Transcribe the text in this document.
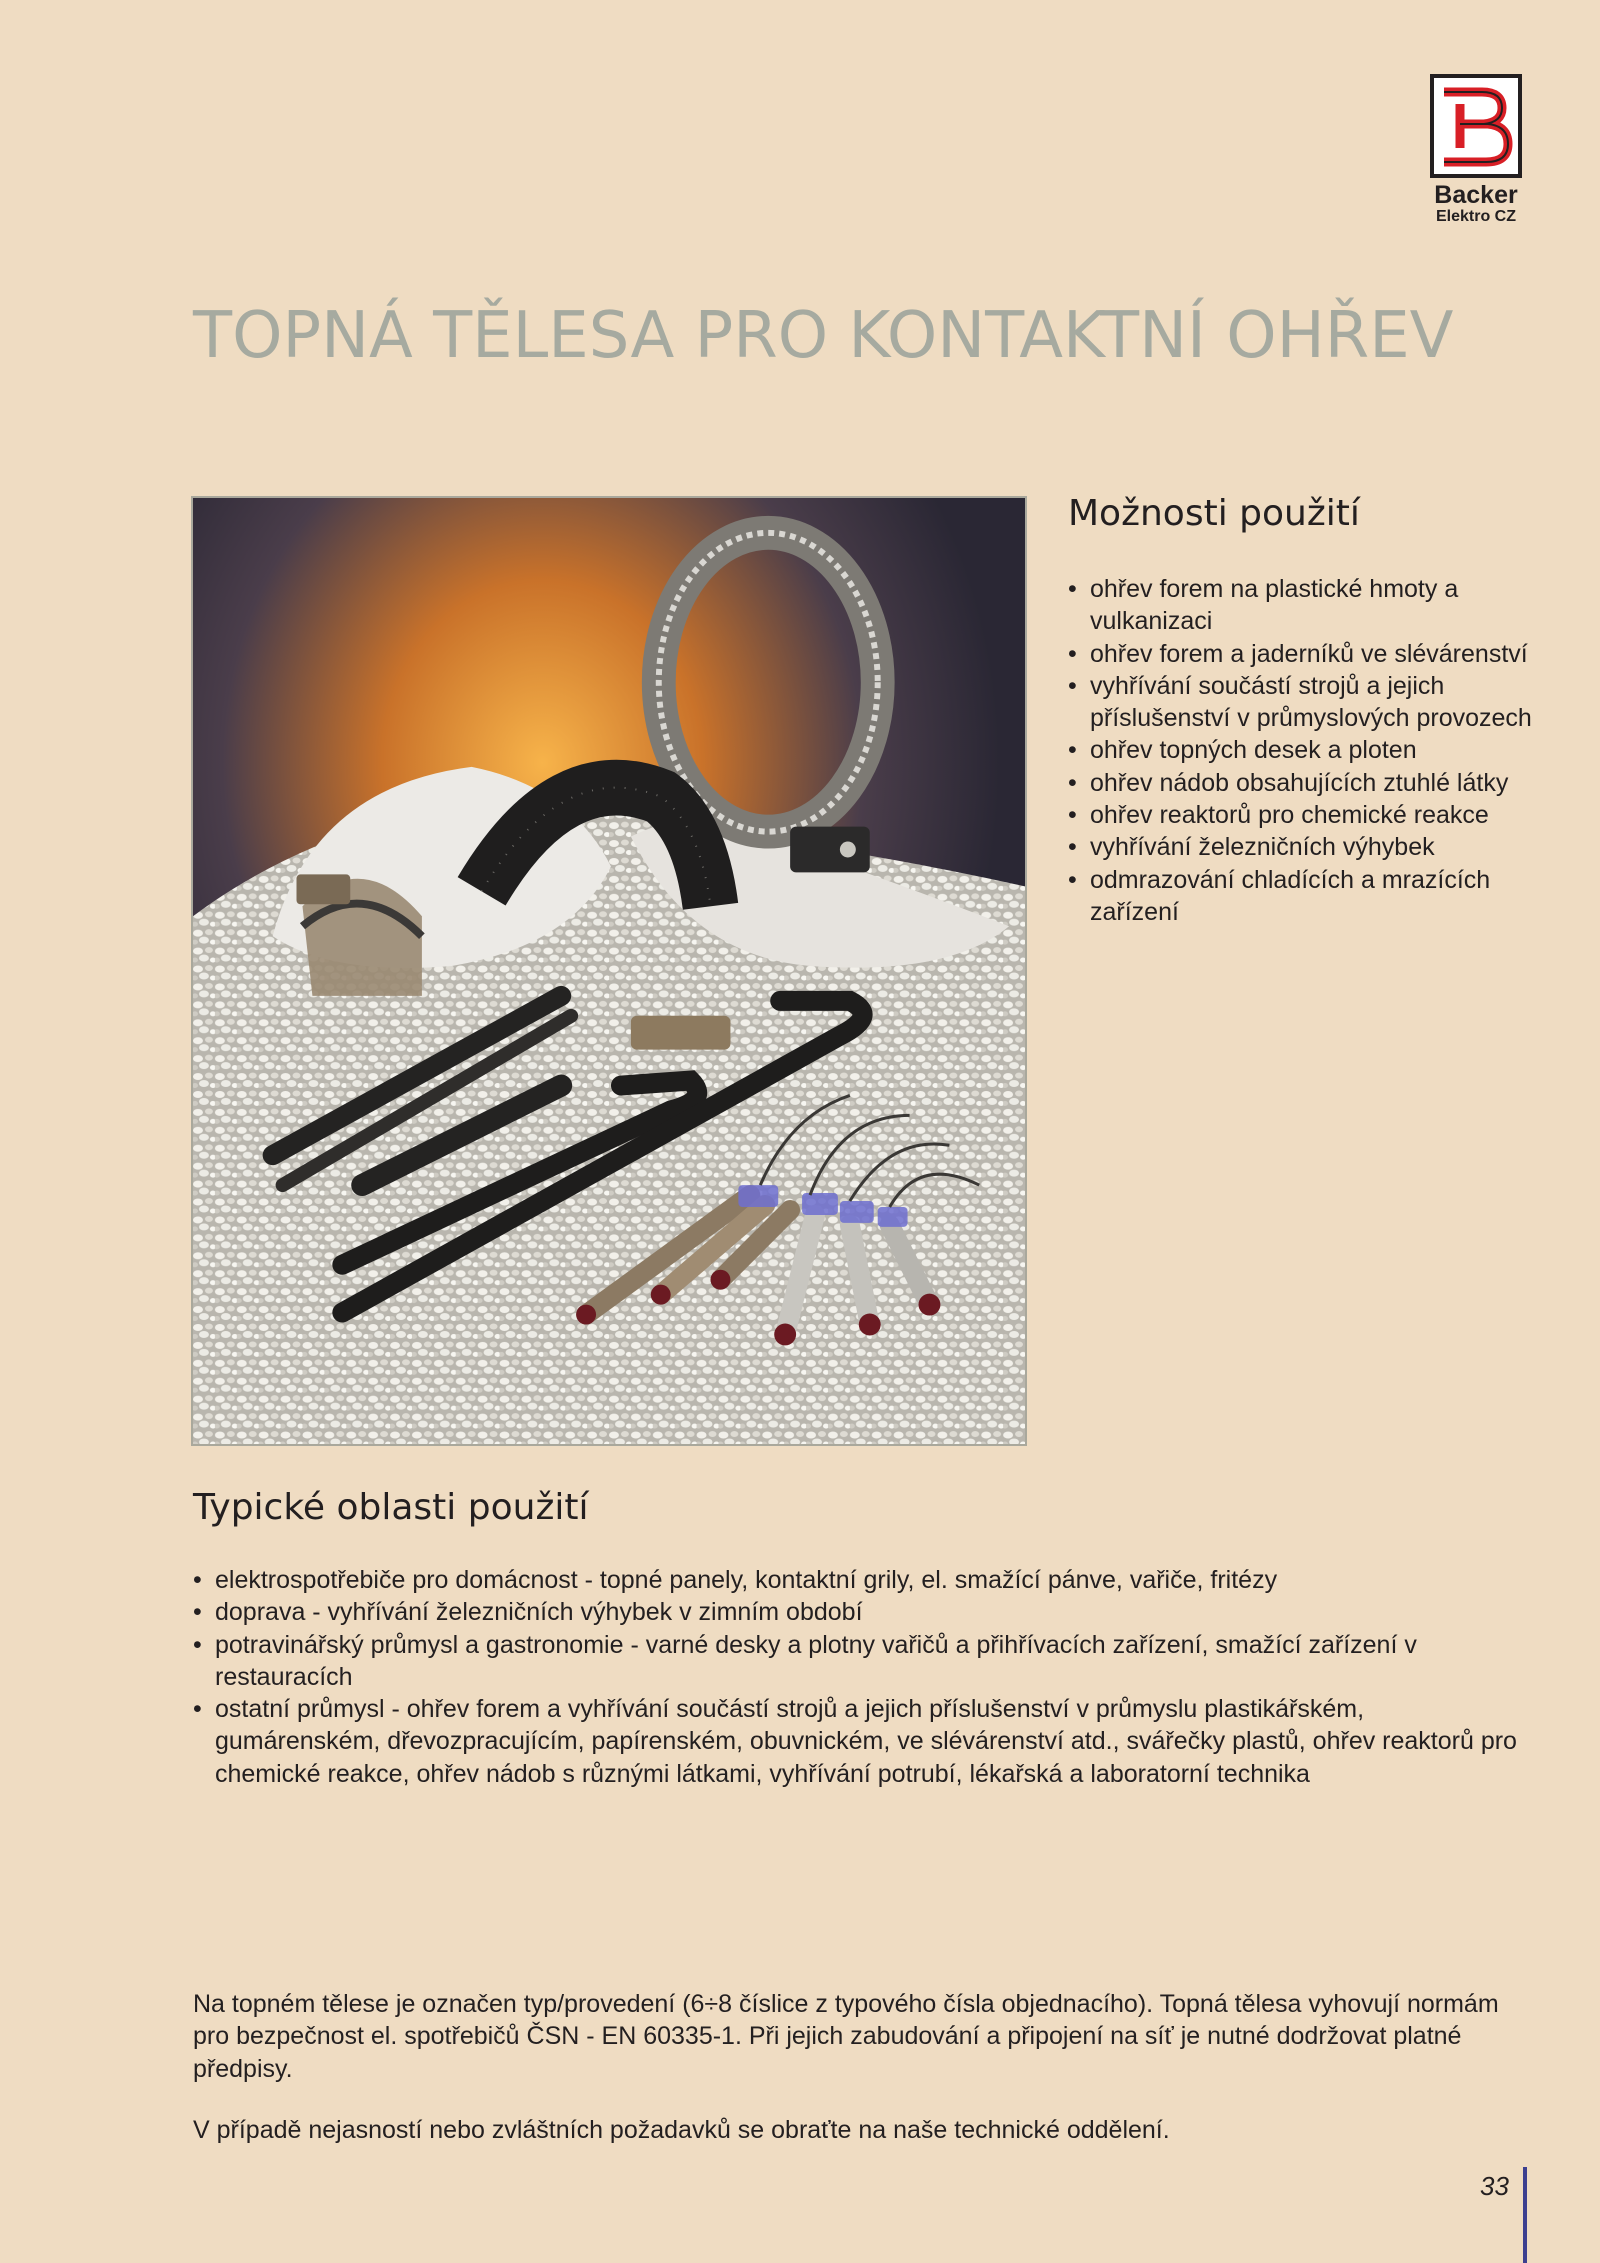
Backer
Elektro CZ
TOPNÁ TĚLESA PRO KONTAKTNÍ OHŘEV
Možnosti použití
• ohřev forem na plastické hmoty a vulkanizaci
• ohřev forem a jaderníků ve slévárenství
• vyhřívání součástí strojů a jejich příslušenství v průmyslových provozech
• ohřev topných desek a ploten
• ohřev nádob obsahujících ztuhlé látky
• ohřev reaktorů pro chemické reakce
• vyhřívání železničních výhybek
• odmrazování chladících a mrazících zařízení
Typické oblasti použití
• elektrospotřebiče pro domácnost - topné panely, kontaktní grily, el. smažící pánve, vařiče, fritézy
• doprava - vyhřívání železničních výhybek v zimním období
• potravinářský průmysl a gastronomie - varné desky a plotny vařičů a přihřívacích zařízení, smažící zařízení v restauracích
• ostatní průmysl - ohřev forem a vyhřívání součástí strojů a jejich příslušenství v průmyslu plastikářském, gumárenském, dřevozpracujícím, papírenském, obuvnickém, ve slévárenství atd., svářečky plastů, ohřev reaktorů pro chemické reakce, ohřev nádob s různými látkami, vyhřívání potrubí, lékařská a laboratorní technika

Na topném tělese je označen typ/provedení (6÷8 číslice z typového čísla objednacího). Topná tělesa vyhovují normám pro bezpečnost el. spotřebičů ČSN - EN 60335-1. Při jejich zabudování a připojení na síť je nutné dodržovat platné předpisy.

V případě nejasností nebo zvláštních požadavků se obraťte na naše technické oddělení.

33
